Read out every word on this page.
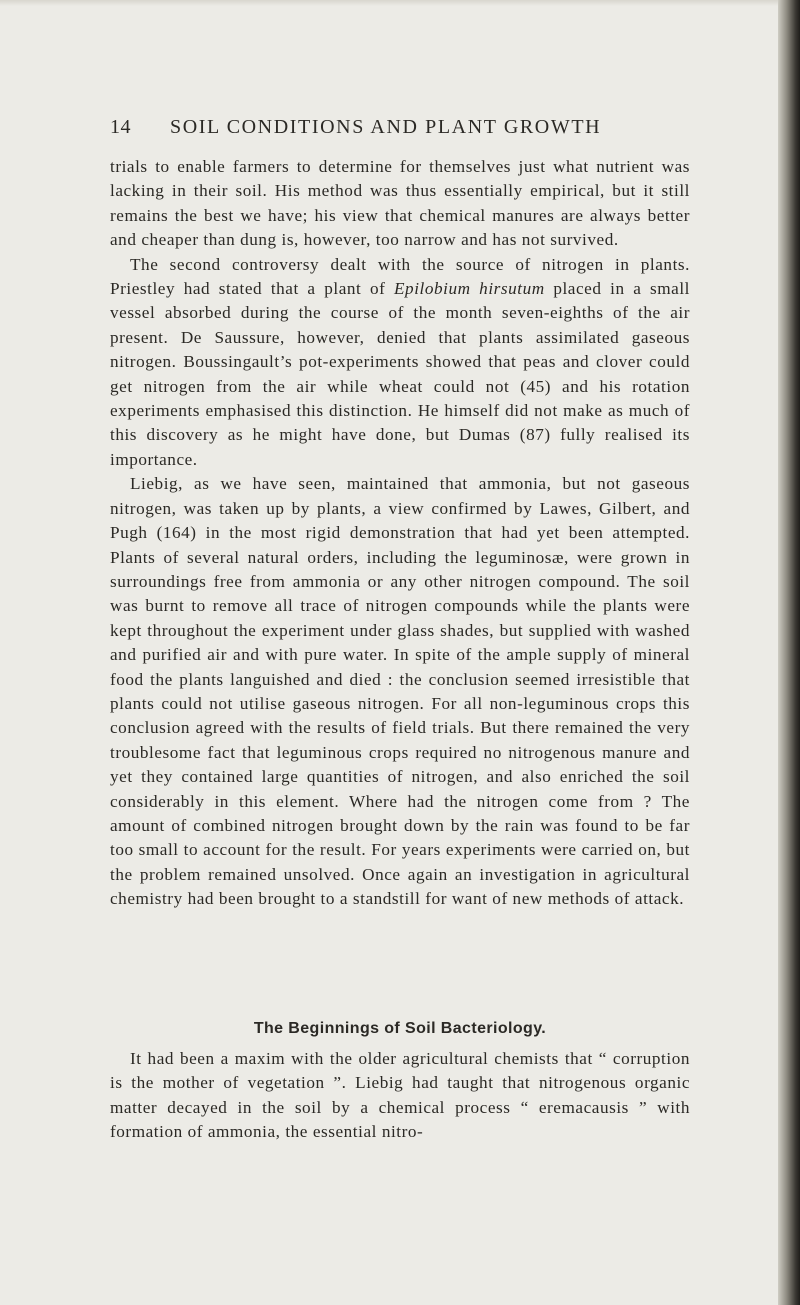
14 SOIL CONDITIONS AND PLANT GROWTH

trials to enable farmers to determine for themselves just what nutrient was lacking in their soil. His method was thus essentially empirical, but it still remains the best we have; his view that chemical manures are always better and cheaper than dung is, however, too narrow and has not survived.

The second controversy dealt with the source of nitrogen in plants. Priestley had stated that a plant of Epilobium hirsutum placed in a small vessel absorbed during the course of the month seven-eighths of the air present. De Saussure, however, denied that plants assimilated gaseous nitrogen. Boussingault’s pot-experiments showed that peas and clover could get nitrogen from the air while wheat could not (45) and his rotation experiments emphasised this distinction. He himself did not make as much of this discovery as he might have done, but Dumas (87) fully realised its importance.

Liebig, as we have seen, maintained that ammonia, but not gaseous nitrogen, was taken up by plants, a view confirmed by Lawes, Gilbert, and Pugh (164) in the most rigid demonstration that had yet been attempted. Plants of several natural orders, including the leguminosæ, were grown in surroundings free from ammonia or any other nitrogen compound. The soil was burnt to remove all trace of nitrogen compounds while the plants were kept throughout the experiment under glass shades, but supplied with washed and purified air and with pure water. In spite of the ample supply of mineral food the plants languished and died : the conclusion seemed irresistible that plants could not utilise gaseous nitrogen. For all non-leguminous crops this conclusion agreed with the results of field trials. But there remained the very troublesome fact that leguminous crops required no nitrogenous manure and yet they contained large quantities of nitrogen, and also enriched the soil considerably in this element. Where had the nitrogen come from ? The amount of combined nitrogen brought down by the rain was found to be far too small to account for the result. For years experiments were carried on, but the problem remained unsolved. Once again an investigation in agricultural chemistry had been brought to a standstill for want of new methods of attack.

The Beginnings of Soil Bacteriology.

It had been a maxim with the older agricultural chemists that “ corruption is the mother of vegetation ”. Liebig had taught that nitrogenous organic matter decayed in the soil by a chemical process “ eremacausis ” with formation of ammonia, the essential nitro-
